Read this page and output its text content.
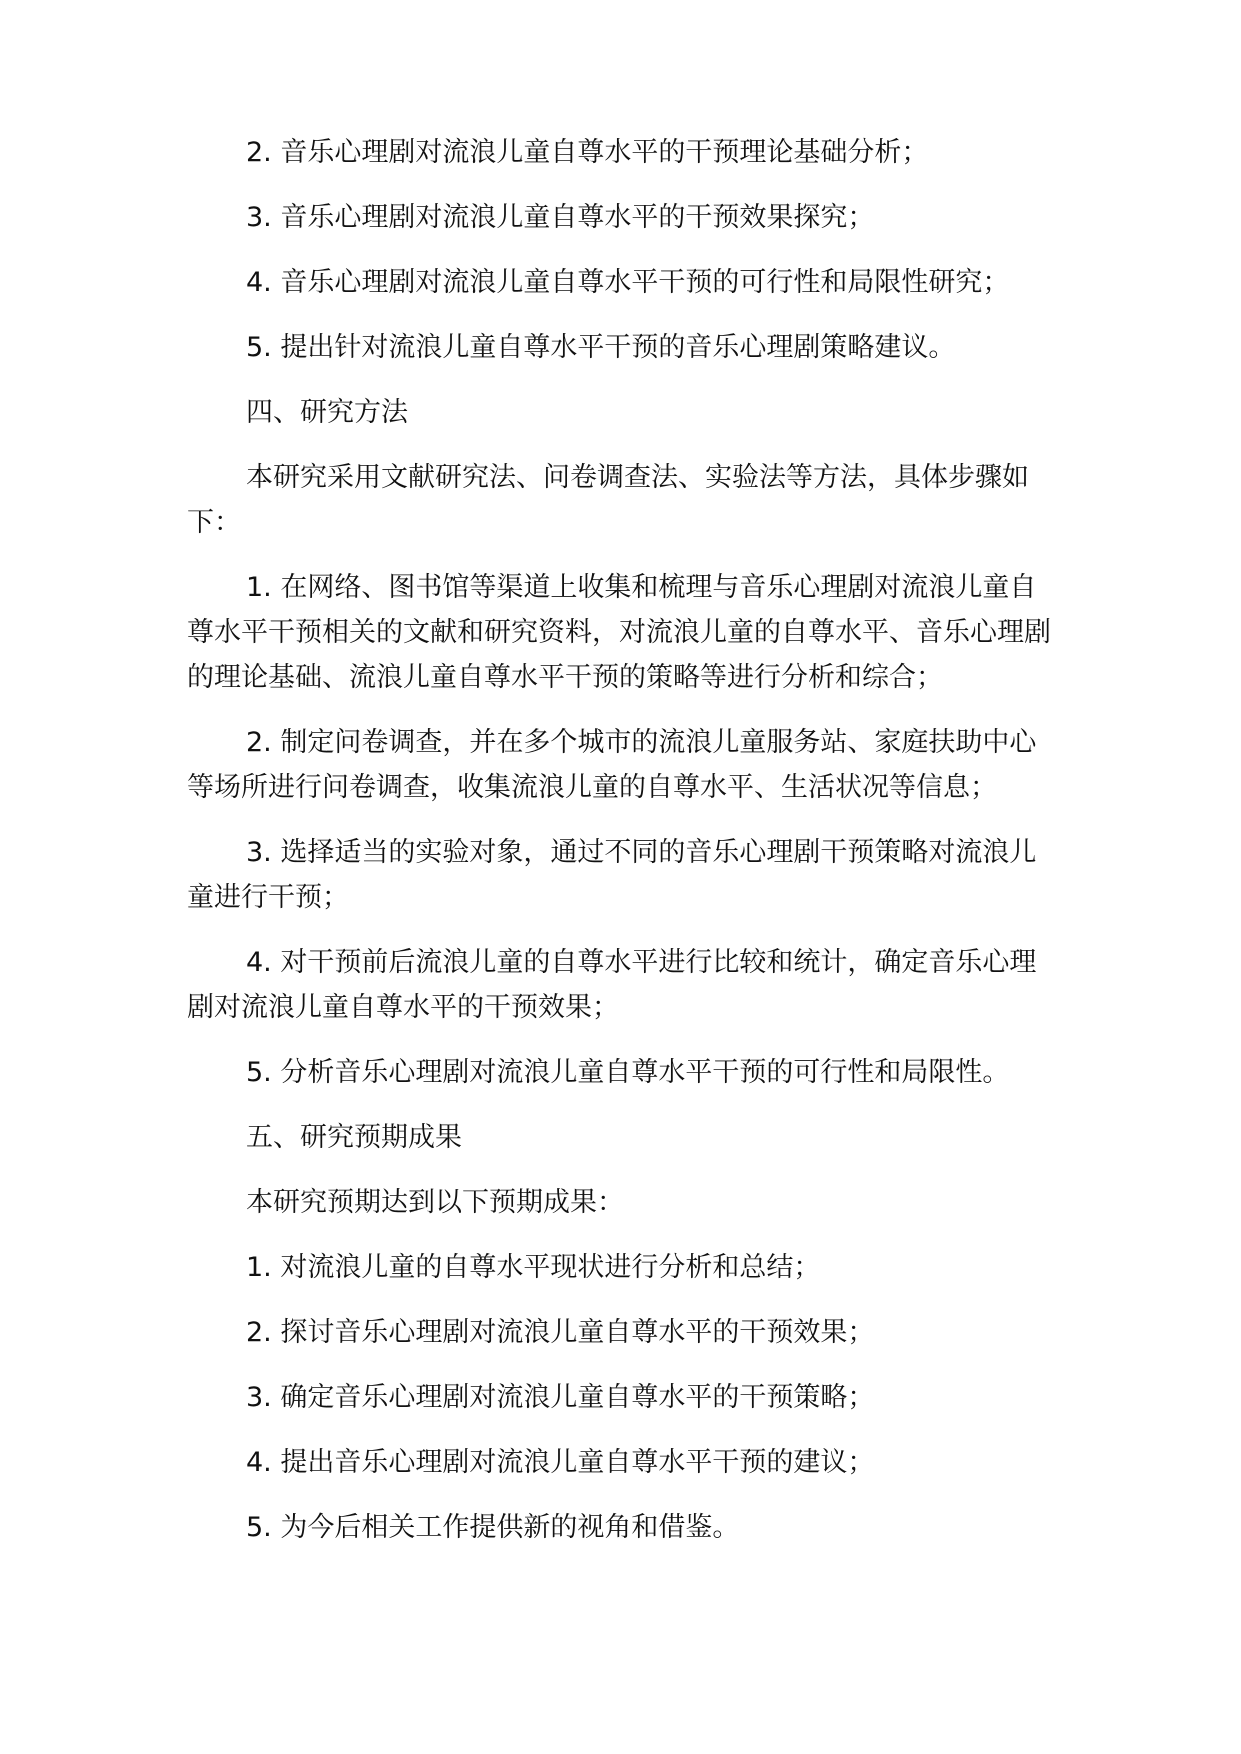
2. 音乐心理剧对流浪儿童自尊水平的干预理论基础分析；

3. 音乐心理剧对流浪儿童自尊水平的干预效果探究；

4. 音乐心理剧对流浪儿童自尊水平干预的可行性和局限性研究；

5. 提出针对流浪儿童自尊水平干预的音乐心理剧策略建议。

四、研究方法

本研究采用文献研究法、问卷调查法、实验法等方法，具体步骤如下：

1. 在网络、图书馆等渠道上收集和梳理与音乐心理剧对流浪儿童自尊水平干预相关的文献和研究资料，对流浪儿童的自尊水平、音乐心理剧的理论基础、流浪儿童自尊水平干预的策略等进行分析和综合；

2. 制定问卷调查，并在多个城市的流浪儿童服务站、家庭扶助中心等场所进行问卷调查，收集流浪儿童的自尊水平、生活状况等信息；

3. 选择适当的实验对象，通过不同的音乐心理剧干预策略对流浪儿童进行干预；

4. 对干预前后流浪儿童的自尊水平进行比较和统计，确定音乐心理剧对流浪儿童自尊水平的干预效果；

5. 分析音乐心理剧对流浪儿童自尊水平干预的可行性和局限性。

五、研究预期成果

本研究预期达到以下预期成果：

1. 对流浪儿童的自尊水平现状进行分析和总结；

2. 探讨音乐心理剧对流浪儿童自尊水平的干预效果；

3. 确定音乐心理剧对流浪儿童自尊水平的干预策略；

4. 提出音乐心理剧对流浪儿童自尊水平干预的建议；

5. 为今后相关工作提供新的视角和借鉴。
